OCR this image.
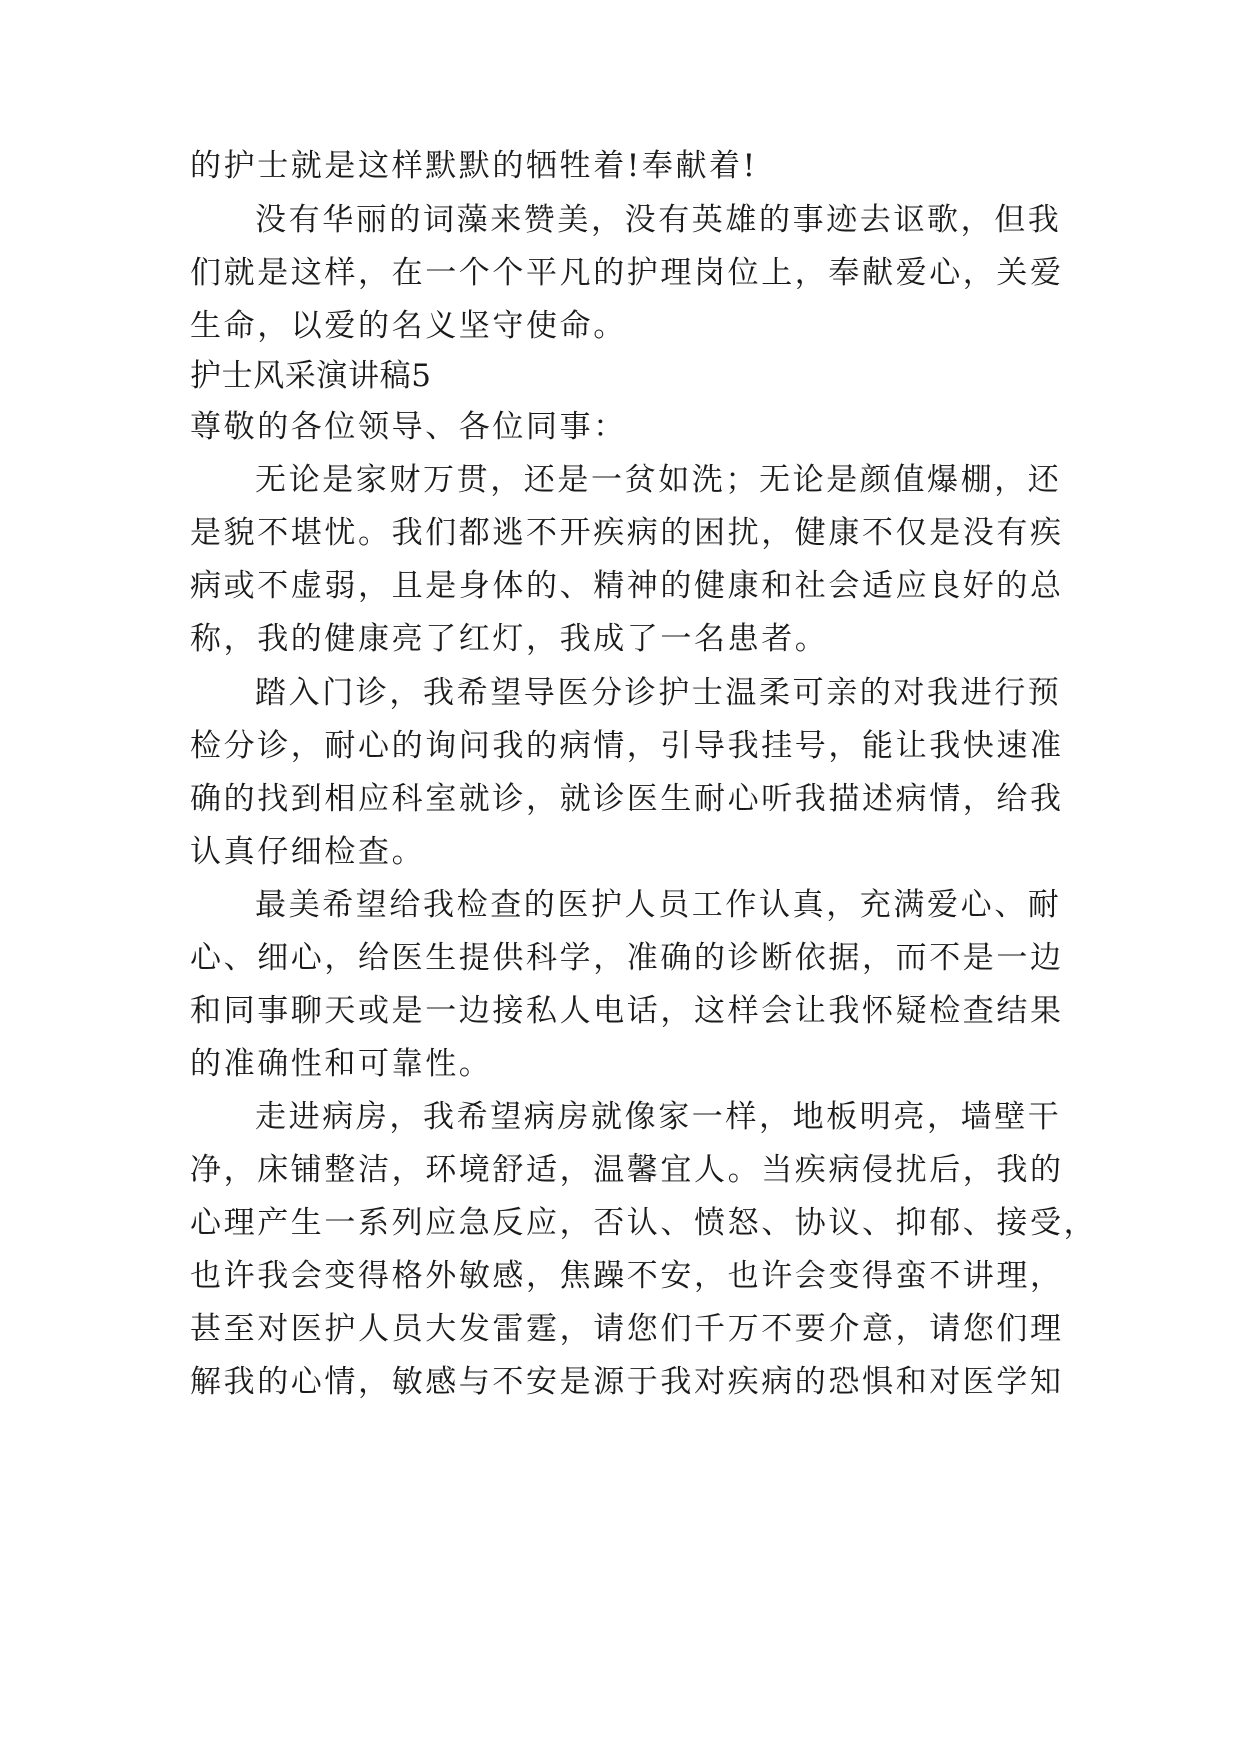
的护士就是这样默默的牺牲着!奉献着!
没有华丽的词藻来赞美，没有英雄的事迹去讴歌，但我
们就是这样，在一个个平凡的护理岗位上，奉献爱心，关爱
生命，以爱的名义坚守使命。
护士风采演讲稿5
尊敬的各位领导、各位同事：
无论是家财万贯，还是一贫如洗；无论是颜值爆棚，还
是貌不堪忧。我们都逃不开疾病的困扰，健康不仅是没有疾
病或不虚弱，且是身体的、精神的健康和社会适应良好的总
称，我的健康亮了红灯，我成了一名患者。
踏入门诊，我希望导医分诊护士温柔可亲的对我进行预
检分诊，耐心的询问我的病情，引导我挂号，能让我快速准
确的找到相应科室就诊，就诊医生耐心听我描述病情，给我
认真仔细检查。
最美希望给我检查的医护人员工作认真，充满爱心、耐
心、细心，给医生提供科学，准确的诊断依据，而不是一边
和同事聊天或是一边接私人电话，这样会让我怀疑检查结果
的准确性和可靠性。
走进病房，我希望病房就像家一样，地板明亮，墙壁干
净，床铺整洁，环境舒适，温馨宜人。当疾病侵扰后，我的
心理产生一系列应急反应，否认、愤怒、协议、抑郁、接受，
也许我会变得格外敏感，焦躁不安，也许会变得蛮不讲理，
甚至对医护人员大发雷霆，请您们千万不要介意，请您们理
解我的心情，敏感与不安是源于我对疾病的恐惧和对医学知
